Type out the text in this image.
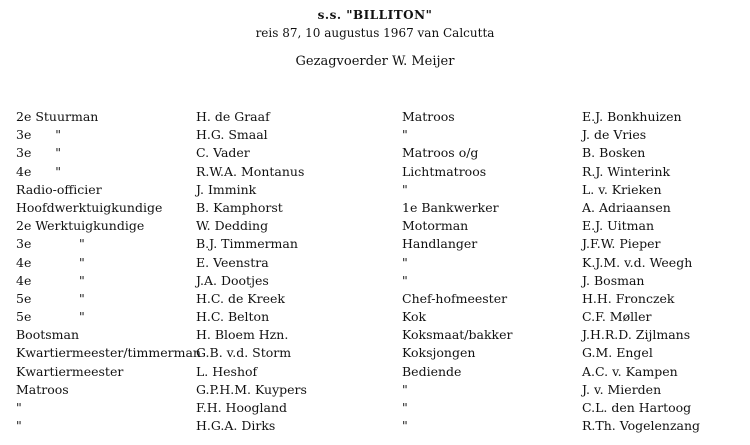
s.s. "BILLITON"
reis 87, 10 augustus 1967 van Calcutta
Gezagvoerder W. Meijer
2e Stuurman
3e      "
3e      "
4e      "
Radio-officier
Hoofdwerktuigkundige
2e Werktuigkundige
3e            "
4e            "
4e            "
5e            "
5e            "
Bootsman
Kwartiermeester/timmerman
Kwartiermeester
Matroos
"
"
H. de Graaf
H.G. Smaal
C. Vader
R.W.A. Montanus
J. Immink
B. Kamphorst
W. Dedding
B.J. Timmerman
E. Veenstra
J.A. Dootjes
H.C. de Kreek
H.C. Belton
H. Bloem Hzn.
G.B. v.d. Storm
L. Heshof
G.P.H.M. Kuypers
F.H. Hoogland
H.G.A. Dirks
Matroos
"
Matroos o/g
Lichtmatroos
"
1e Bankwerker
Motorman
Handlanger
"
"
Chef-hofmeester
Kok
Koksmaat/bakker
Koksjongen
Bediende
"
"
"
E.J. Bonkhuizen
J. de Vries
B. Bosken
R.J. Winterink
L. v. Krieken
A. Adriaansen
E.J. Uitman
J.F.W. Pieper
K.J.M. v.d. Weegh
J. Bosman
H.H. Fronczek
C.F. Møller
J.H.R.D. Zijlmans
G.M. Engel
A.C. v. Kampen
J. v. Mierden
C.L. den Hartoog
R.Th. Vogelenzang
